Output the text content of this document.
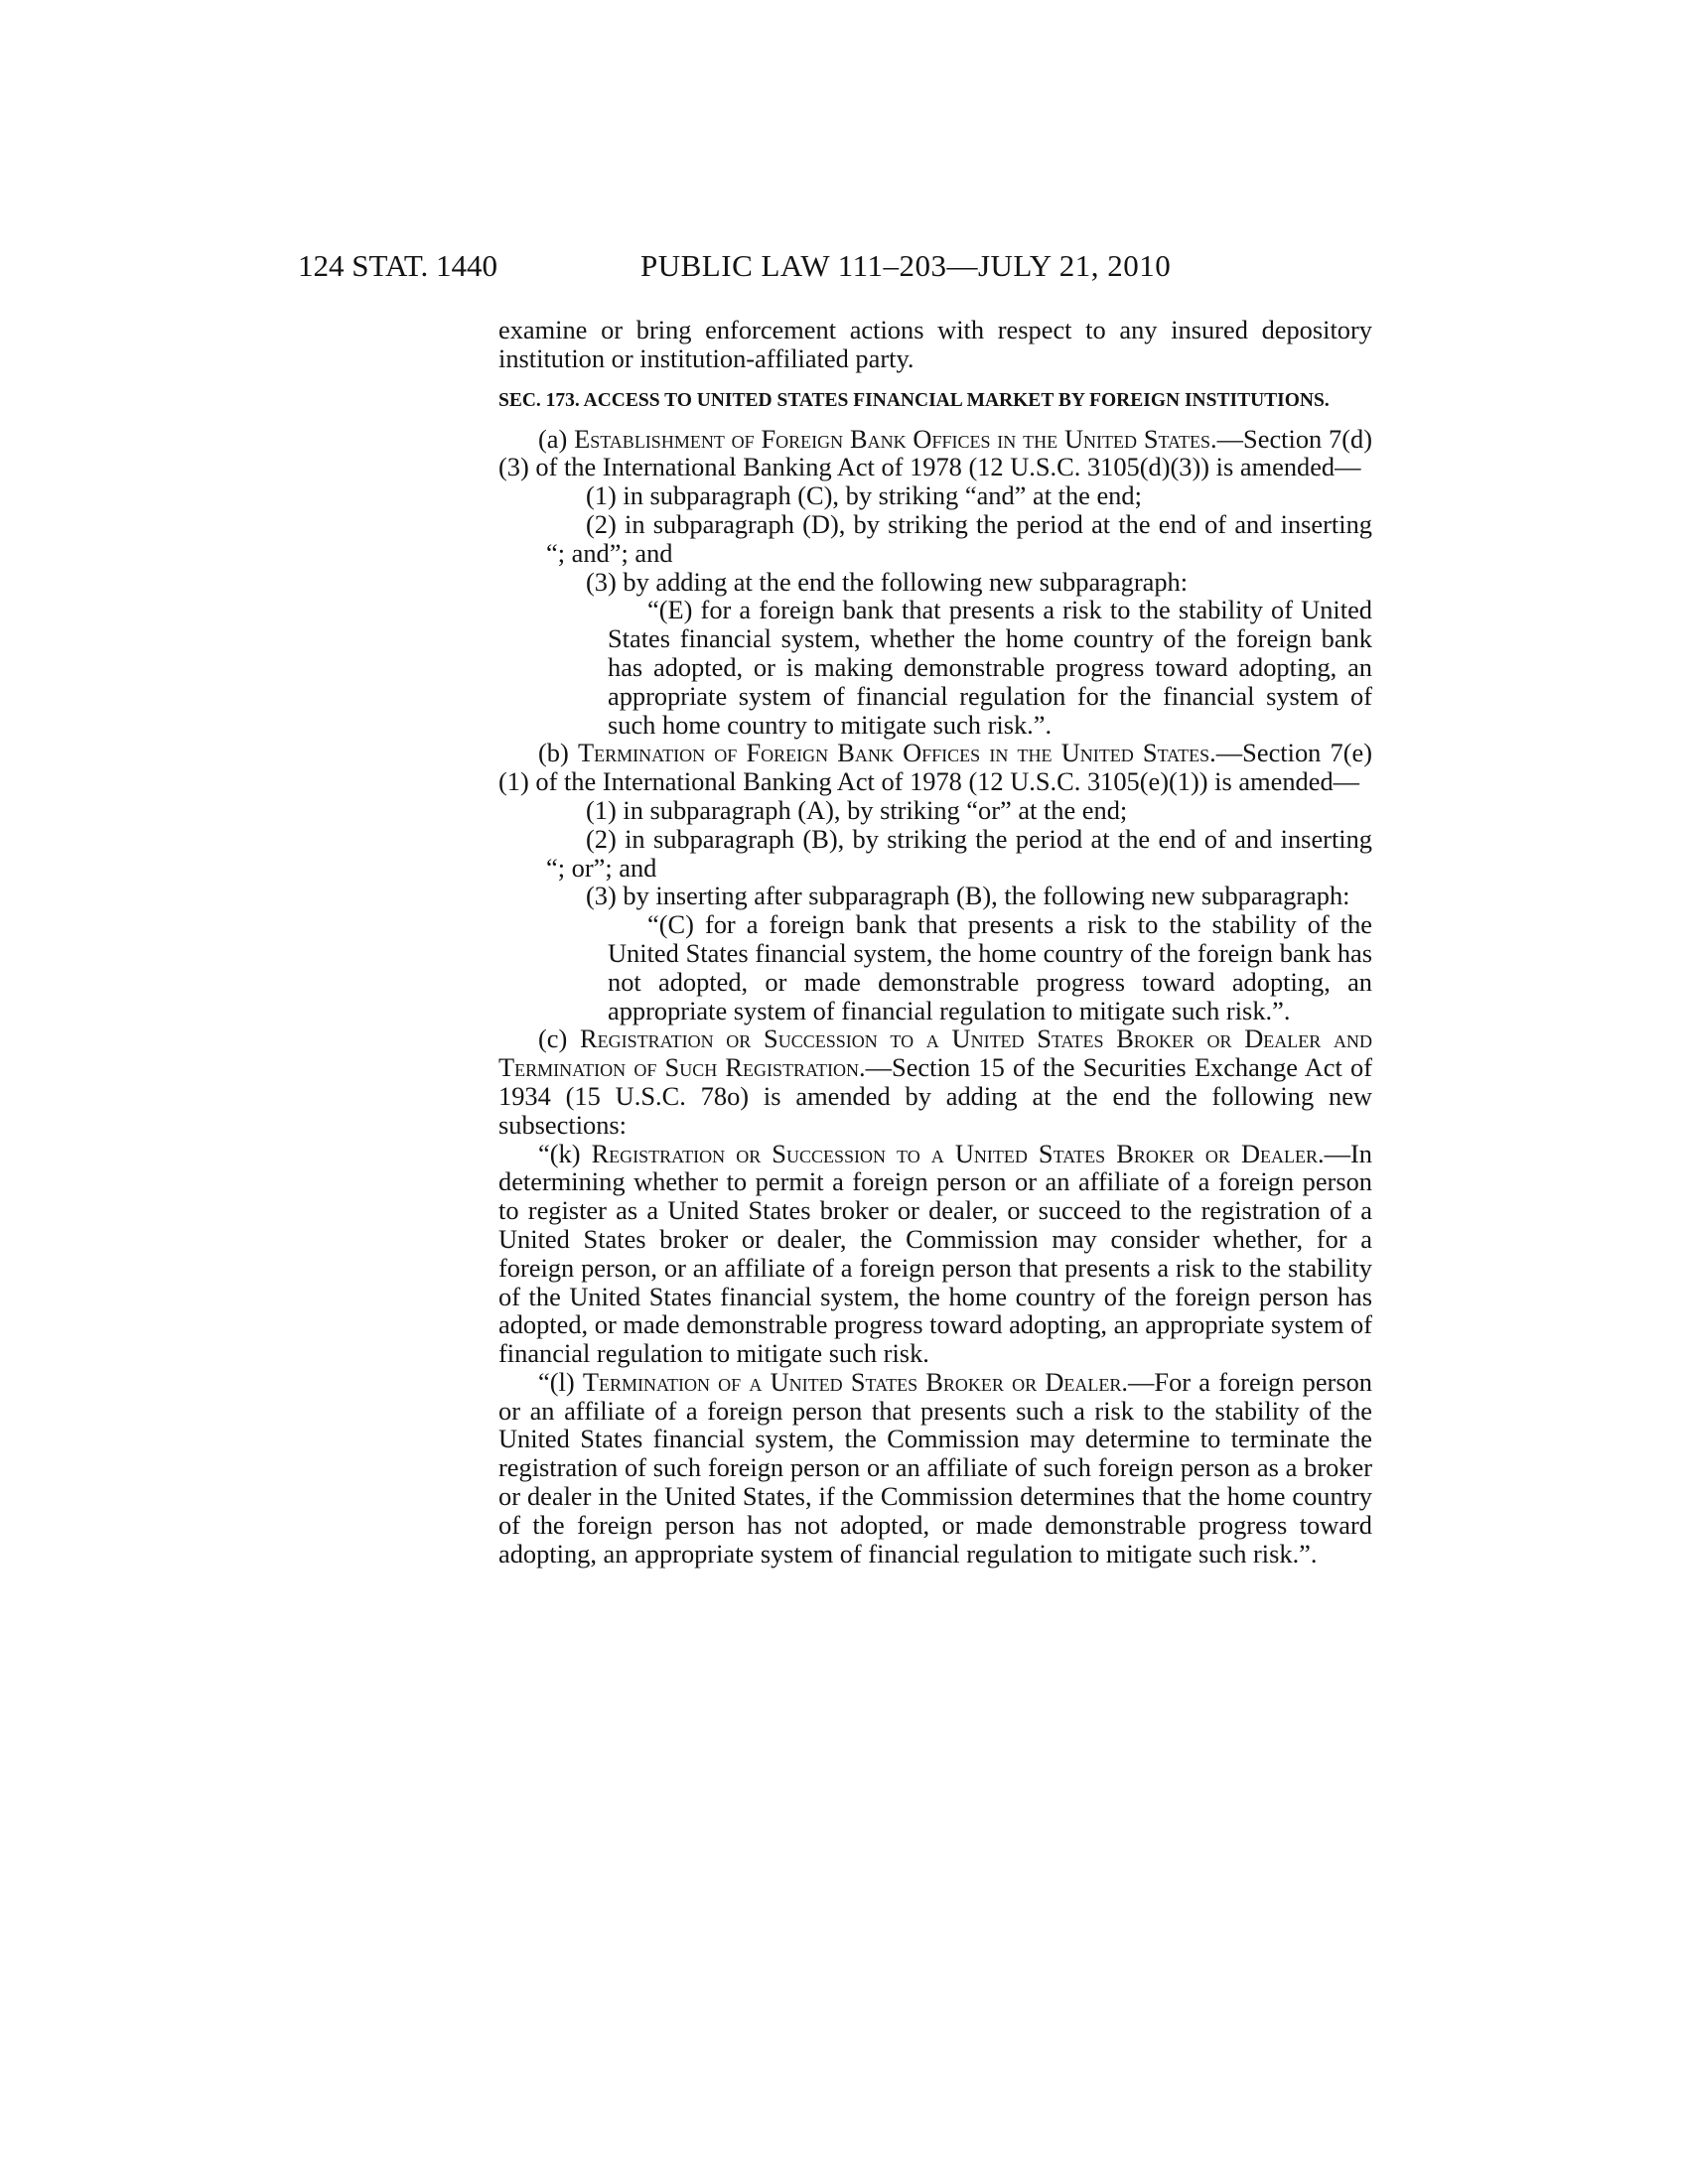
124 STAT. 1440	PUBLIC LAW 111–203—JULY 21, 2010

examine or bring enforcement actions with respect to any insured depository institution or institution-affiliated party.

SEC. 173. ACCESS TO UNITED STATES FINANCIAL MARKET BY FOREIGN INSTITUTIONS.

(a) Establishment of Foreign Bank Offices in the United States.—Section 7(d)(3) of the International Banking Act of 1978 (12 U.S.C. 3105(d)(3)) is amended—

(1) in subparagraph (C), by striking “and” at the end;

(2) in subparagraph (D), by striking the period at the end of and inserting “; and”; and

(3) by adding at the end the following new subparagraph:

“(E) for a foreign bank that presents a risk to the stability of United States financial system, whether the home country of the foreign bank has adopted, or is making demonstrable progress toward adopting, an appropriate system of financial regulation for the financial system of such home country to mitigate such risk.”.

(b) Termination of Foreign Bank Offices in the United States.—Section 7(e)(1) of the International Banking Act of 1978 (12 U.S.C. 3105(e)(1)) is amended—

(1) in subparagraph (A), by striking “or” at the end;

(2) in subparagraph (B), by striking the period at the end of and inserting “; or”; and

(3) by inserting after subparagraph (B), the following new subparagraph:

“(C) for a foreign bank that presents a risk to the stability of the United States financial system, the home country of the foreign bank has not adopted, or made demonstrable progress toward adopting, an appropriate system of financial regulation to mitigate such risk.”.

(c) Registration or Succession to a United States Broker or Dealer and Termination of Such Registration.—Section 15 of the Securities Exchange Act of 1934 (15 U.S.C. 78o) is amended by adding at the end the following new subsections:

“(k) Registration or Succession to a United States Broker or Dealer.—In determining whether to permit a foreign person or an affiliate of a foreign person to register as a United States broker or dealer, or succeed to the registration of a United States broker or dealer, the Commission may consider whether, for a foreign person, or an affiliate of a foreign person that presents a risk to the stability of the United States financial system, the home country of the foreign person has adopted, or made demonstrable progress toward adopting, an appropriate system of financial regulation to mitigate such risk.

“(l) Termination of a United States Broker or Dealer.—For a foreign person or an affiliate of a foreign person that presents such a risk to the stability of the United States financial system, the Commission may determine to terminate the registration of such foreign person or an affiliate of such foreign person as a broker or dealer in the United States, if the Commission determines that the home country of the foreign person has not adopted, or made demonstrable progress toward adopting, an appropriate system of financial regulation to mitigate such risk.”.
